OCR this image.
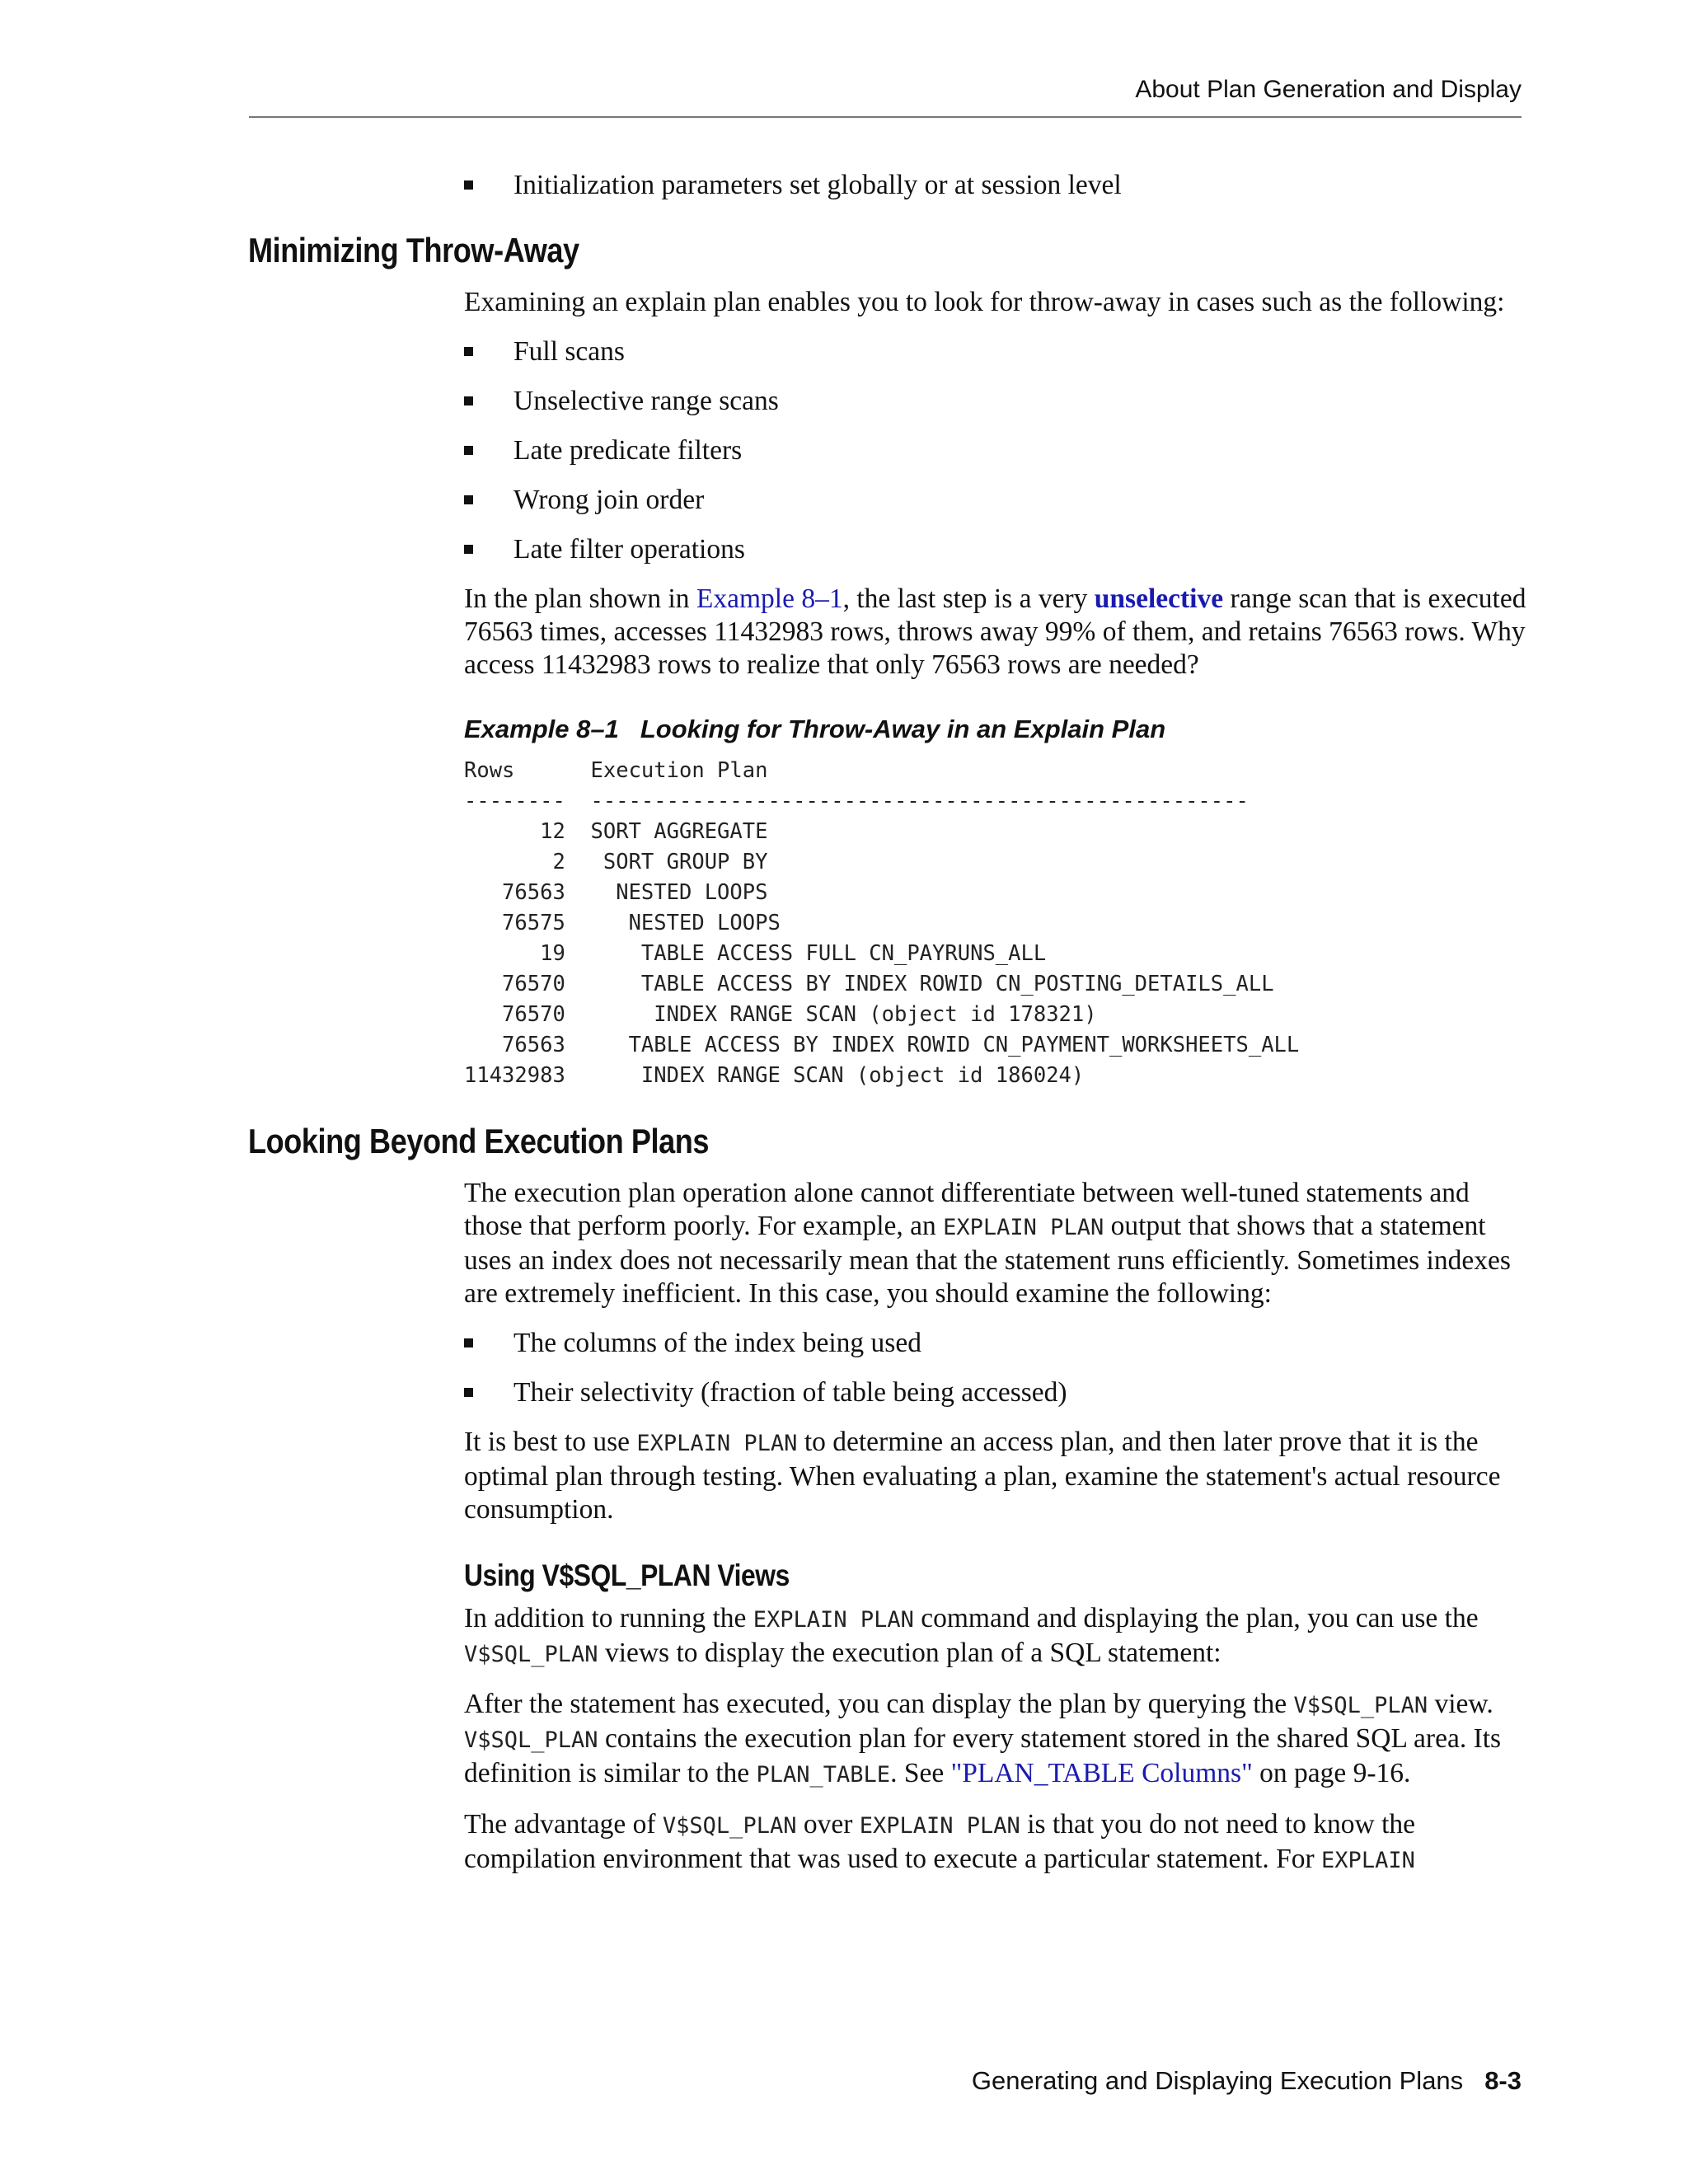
About Plan Generation and Display
Initialization parameters set globally or at session level
Minimizing Throw-Away

Examining an explain plan enables you to look for throw-away in cases such as the following:

Full scans
Unselective range scans
Late predicate filters
Wrong join order
Late filter operations

In the plan shown in Example 8–1, the last step is a very unselective range scan that is executed 76563 times, accesses 11432983 rows, throws away 99% of them, and retains 76563 rows. Why access 11432983 rows to realize that only 76563 rows are needed?

Example 8–1 Looking for Throw-Away in an Explain Plan
Rows      Execution Plan
--------  ----------------------------------------------------
12  SORT AGGREGATE
2   SORT GROUP BY
76563    NESTED LOOPS
76575     NESTED LOOPS
19      TABLE ACCESS FULL CN_PAYRUNS_ALL
76570      TABLE ACCESS BY INDEX ROWID CN_POSTING_DETAILS_ALL
76570       INDEX RANGE SCAN (object id 178321)
76563     TABLE ACCESS BY INDEX ROWID CN_PAYMENT_WORKSHEETS_ALL
11432983      INDEX RANGE SCAN (object id 186024)
Looking Beyond Execution Plans

The execution plan operation alone cannot differentiate between well-tuned statements and those that perform poorly. For example, an EXPLAIN PLAN output that shows that a statement uses an index does not necessarily mean that the statement runs efficiently. Sometimes indexes are extremely inefficient. In this case, you should examine the following:

The columns of the index being used
Their selectivity (fraction of table being accessed)

It is best to use EXPLAIN PLAN to determine an access plan, and then later prove that it is the optimal plan through testing. When evaluating a plan, examine the statement's actual resource consumption.

Using V$SQL_PLAN Views

In addition to running the EXPLAIN PLAN command and displaying the plan, you can use the V$SQL_PLAN views to display the execution plan of a SQL statement:

After the statement has executed, you can display the plan by querying the V$SQL_PLAN view. V$SQL_PLAN contains the execution plan for every statement stored in the shared SQL area. Its definition is similar to the PLAN_TABLE. See "PLAN_TABLE Columns" on page 9-16.

The advantage of V$SQL_PLAN over EXPLAIN PLAN is that you do not need to know the compilation environment that was used to execute a particular statement. For EXPLAIN

Generating and Displaying Execution Plans 8-3
